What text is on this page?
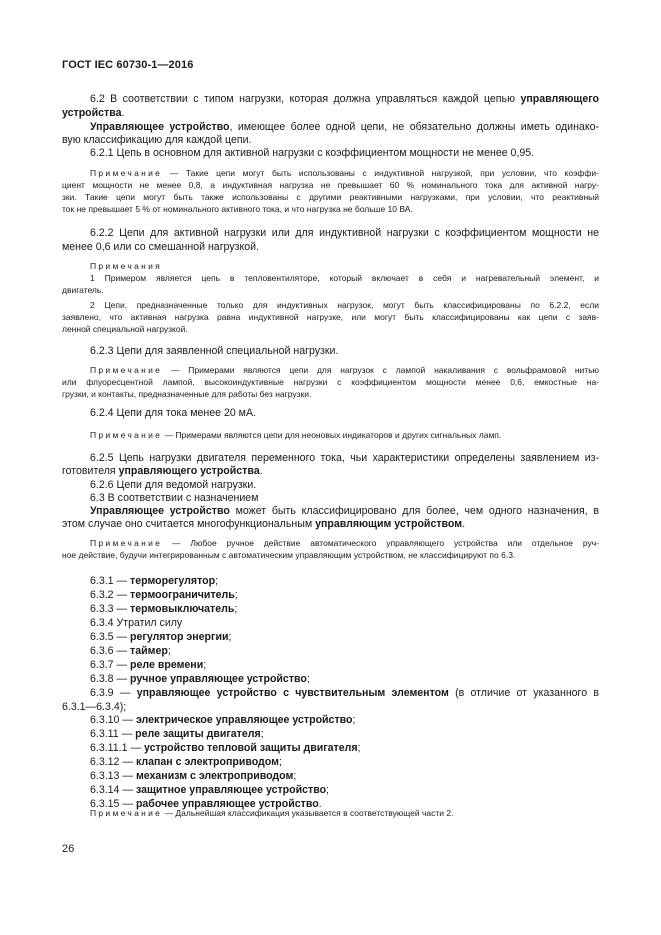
ГОСТ IEC 60730-1—2016
6.2 В соответствии с типом нагрузки, которая должна управляться каждой цепью управляющего
устройства.
Управляющее устройство, имеющее более одной цепи, не обязательно должны иметь одинако-
вую классификацию для каждой цепи.
6.2.1 Цепь в основном для активной нагрузки с коэффициентом мощности не менее 0,95.
Примечание — Такие цепи могут быть использованы с индуктивной нагрузкой, при условии, что коэффи-
циент мощности не менее 0,8, а индуктивная нагрузка не превышает 60 % номинального тока для активной нагру-
зки. Такие цепи могут быть также использованы с другими реактивными нагрузками, при условии, что реактивный
ток не превышает 5 % от номинального активного тока, и что нагрузка не больше 10 ВА.
6.2.2 Цепи для активной нагрузки или для индуктивной нагрузки с коэффициентом мощности не
менее 0,6 или со смешанной нагрузкой.
Примечания
1 Примером является цепь в тепловентиляторе, который включает в себя и нагревательный элемент, и
двигатель.
2 Цепи, предназначенные только для индуктивных нагрузок, могут быть классифицированы по 6.2.2, если
заявлено, что активная нагрузка равна индуктивной нагрузке, или могут быть классифицированы как цепи с заяв-
ленной специальной нагрузкой.
6.2.3 Цепи для заявленной специальной нагрузки.
Примечание — Примерами являются цепи для нагрузок с лампой накаливания с вольфрамовой нитью
или флуоресцентной лампой, высокоиндуктивные нагрузки с коэффициентом мощности менее 0,6, емкостные на-
грузки, и контакты, предназначенные для работы без нагрузки.
6.2.4 Цепи для тока менее 20 мА.
Примечание — Примерами являются цепи для неоновых индикаторов и других сигнальных ламп.
6.2.5 Цепь нагрузки двигателя переменного тока, чьи характеристики определены заявлением из-
готовителя управляющего устройства.
6.2.6 Цепи для ведомой нагрузки.
6.3 В соответствии с назначением
Управляющее устройство может быть классифицировано для более, чем одного назначения, в
этом случае оно считается многофункциональным управляющим устройством.
Примечание — Любое ручное действие автоматического управляющего устройства или отдельное руч-
ное действие, будучи интегрированным с автоматическим управляющим устройством, не классифицируют по 6.3.
6.3.1 — терморегулятор;
6.3.2 — термоограничитель;
6.3.3 — термовыключатель;
6.3.4 Утратил силу
6.3.5 — регулятор энергии;
6.3.6 — таймер;
6.3.7 — реле времени;
6.3.8 — ручное управляющее устройство;
6.3.9 — управляющее устройство с чувствительным элементом (в отличие от указанного в
6.3.1—6.3.4);
6.3.10 — электрическое управляющее устройство;
6.3.11 — реле защиты двигателя;
6.3.11.1 — устройство тепловой защиты двигателя;
6.3.12 — клапан с электроприводом;
6.3.13 — механизм с электроприводом;
6.3.14 — защитное управляющее устройство;
6.3.15 — рабочее управляющее устройство.
Примечание — Дальнейшая классификация указывается в соответствующей части 2.
26
